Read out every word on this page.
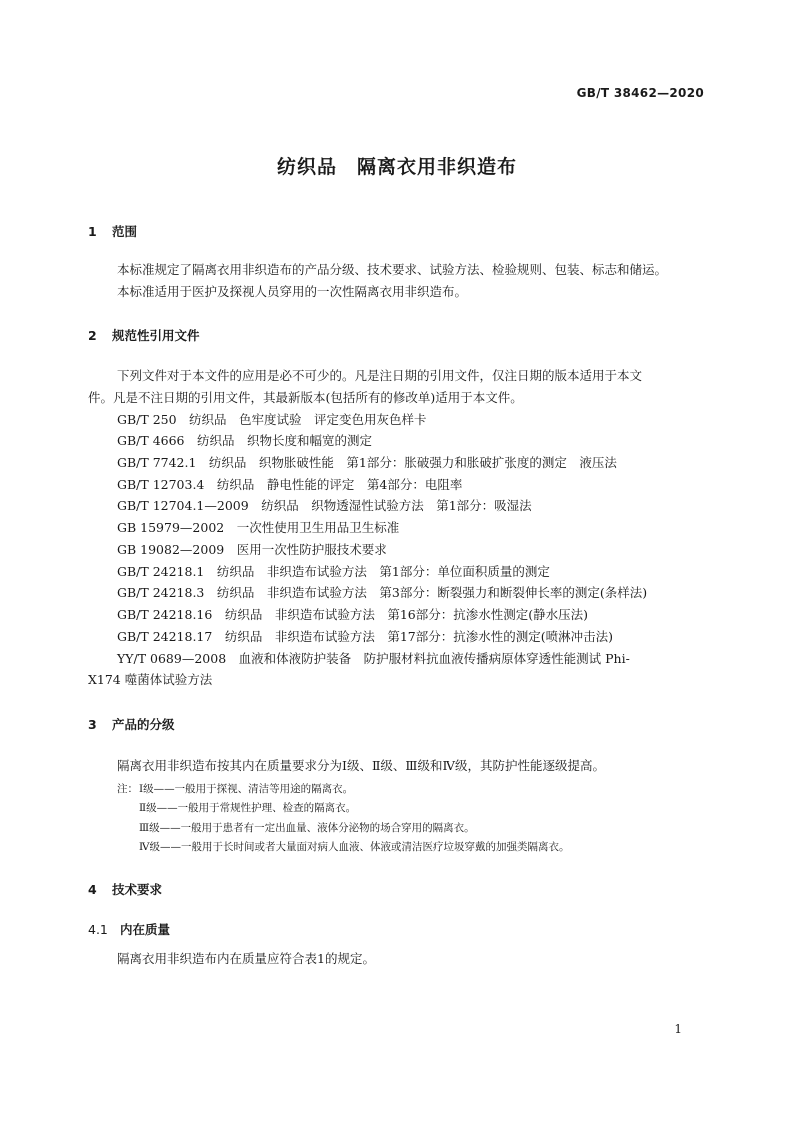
GB/T 38462—2020
纺织品　隔离衣用非织造布
1 范围
本标准规定了隔离衣用非织造布的产品分级、技术要求、试验方法、检验规则、包装、标志和储运。
本标准适用于医护及探视人员穿用的一次性隔离衣用非织造布。
2 规范性引用文件
下列文件对于本文件的应用是必不可少的。凡是注日期的引用文件，仅注日期的版本适用于本文
件。凡是不注日期的引用文件，其最新版本(包括所有的修改单)适用于本文件。
GB/T 250　纺织品　色牢度试验　评定变色用灰色样卡
GB/T 4666　纺织品　织物长度和幅宽的测定
GB/T 7742.1　纺织品　织物胀破性能　第1部分：胀破强力和胀破扩张度的测定　液压法
GB/T 12703.4　纺织品　静电性能的评定　第4部分：电阻率
GB/T 12704.1—2009　纺织品　织物透湿性试验方法　第1部分：吸湿法
GB 15979—2002　一次性使用卫生用品卫生标准
GB 19082—2009　医用一次性防护服技术要求
GB/T 24218.1　纺织品　非织造布试验方法　第1部分：单位面积质量的测定
GB/T 24218.3　纺织品　非织造布试验方法　第3部分：断裂强力和断裂伸长率的测定(条样法)
GB/T 24218.16　纺织品　非织造布试验方法　第16部分：抗渗水性测定(静水压法)
GB/T 24218.17　纺织品　非织造布试验方法　第17部分：抗渗水性的测定(喷淋冲击法)
YY/T 0689—2008　血液和体液防护装备　防护服材料抗血液传播病原体穿透性能测试 Phi-
X174 噬菌体试验方法
3 产品的分级
隔离衣用非织造布按其内在质量要求分为Ⅰ级、Ⅱ级、Ⅲ级和Ⅳ级，其防护性能逐级提高。
注： Ⅰ级——一般用于探视、清洁等用途的隔离衣。
Ⅱ级——一般用于常规性护理、检查的隔离衣。
Ⅲ级——一般用于患者有一定出血量、液体分泌物的场合穿用的隔离衣。
Ⅳ级——一般用于长时间或者大量面对病人血液、体液或清洁医疗垃圾穿戴的加强类隔离衣。
4 技术要求
4.1 内在质量
隔离衣用非织造布内在质量应符合表1的规定。
1
